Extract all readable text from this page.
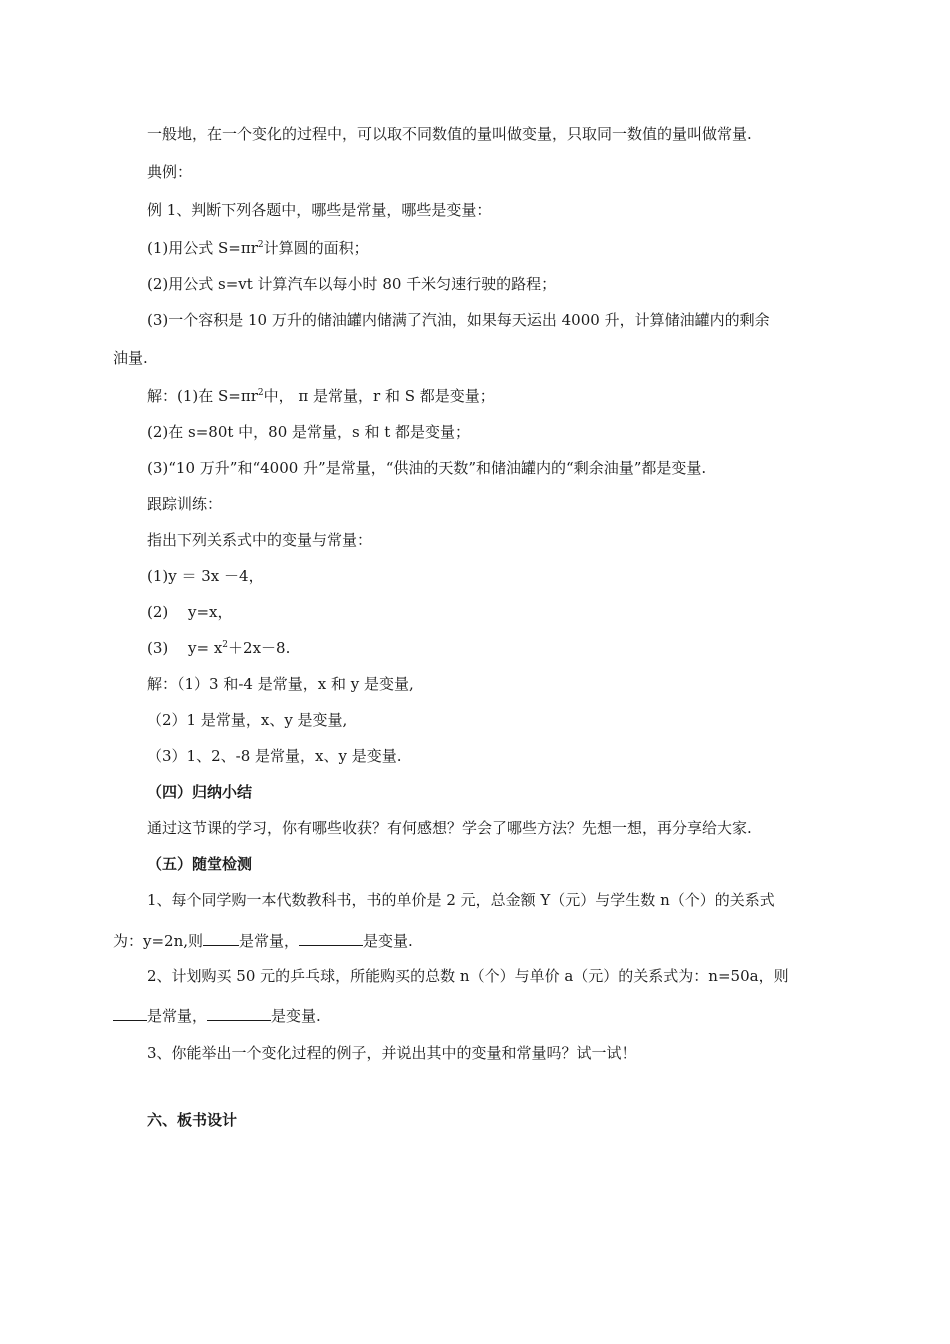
一般地，在一个变化的过程中，可以取不同数值的量叫做变量，只取同一数值的量叫做常量.
典例：
例 1、判断下列各题中，哪些是常量，哪些是变量：
(1)用公式 $S=\pi r^2$计算圆的面积；
(2)用公式 s=vt 计算汽车以每小时 80 千米匀速行驶的路程；
(3)一个容积是 10 万升的储油罐内储满了汽油，如果每天运出 4000 升，计算储油罐内的剩余
油量.
解：(1)在 $S=\pi r^2$中， π 是常量，r 和 S 都是变量；
(2)在 s=80t 中，80 是常量，s 和 t 都是变量；
(3)“10 万升”和“4000 升”是常量，“供油的天数”和储油罐内的“剩余油量”都是变量.
跟踪训练：
指出下列关系式中的变量与常量：
(1)y ＝ 3x －4，
(2)　 y=x，
(3)　 $y= x^2+2x-8$.
解：（1）3 和-4 是常量，x 和 y 是变量,
（2）1 是常量，x、y 是变量,
（3）1、2、-8 是常量，x、y 是变量.
（四）归纳小结
通过这节课的学习，你有哪些收获？有何感想？学会了哪些方法？先想一想，再分享给大家.
（五）随堂检测
1、每个同学购一本代数教科书，书的单价是 2 元，总金额 Y（元）与学生数 n（个）的关系式
为：y=2n,则 是常量，	是变量.
2、计划购买 50 元的乒乓球，所能购买的总数 n（个）与单价 a（元）的关系式为：n=50a，则
是常量，	是变量.
3、你能举出一个变化过程的例子，并说出其中的变量和常量吗？试一试！
六、板书设计
